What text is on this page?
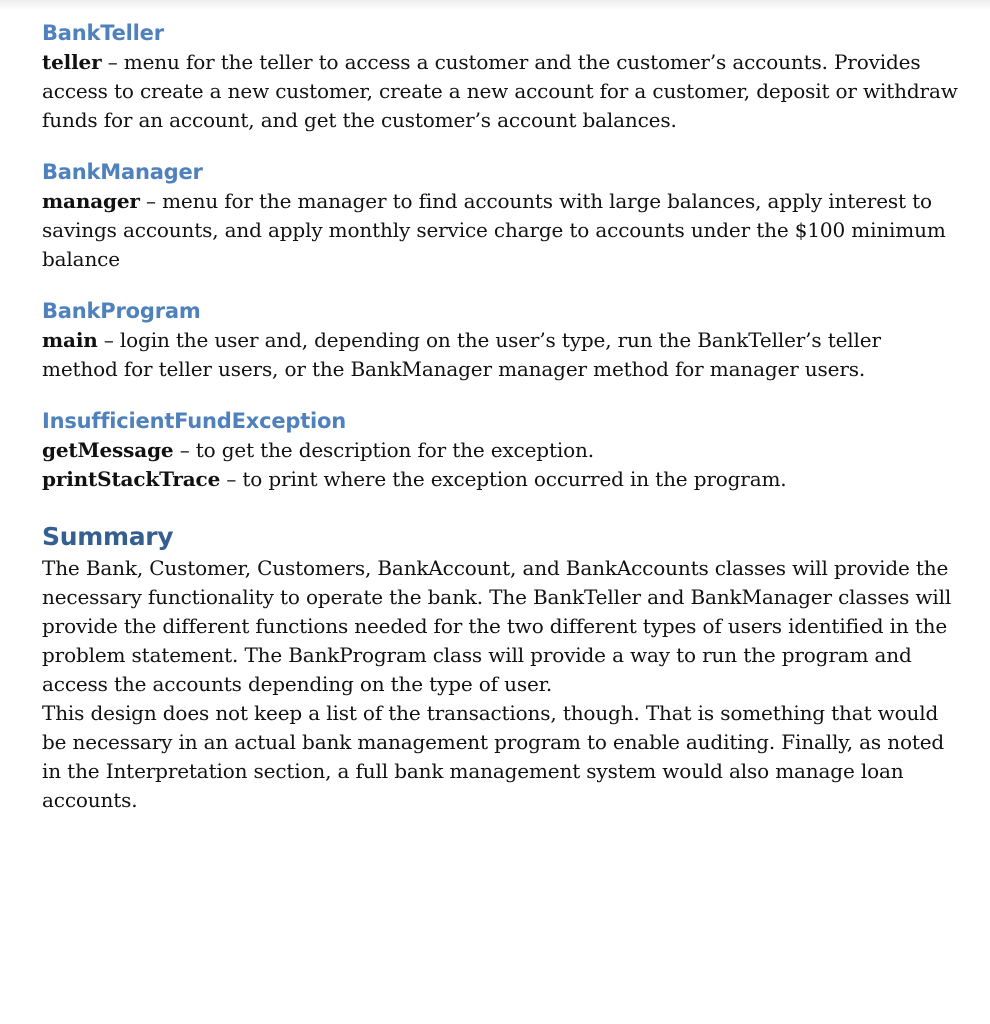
BankTeller

teller – menu for the teller to access a customer and the customer’s accounts. Provides access to create a new customer, create a new account for a customer, deposit or withdraw funds for an account, and get the customer’s account balances.

BankManager

manager – menu for the manager to find accounts with large balances, apply interest to savings accounts, and apply monthly service charge to accounts under the $100 minimum balance

BankProgram

main – login the user and, depending on the user’s type, run the BankTeller’s teller method for teller users, or the BankManager manager method for manager users.

InsufficientFundException

getMessage – to get the description for the exception.

printStackTrace – to print where the exception occurred in the program.

Summary

The Bank, Customer, Customers, BankAccount, and BankAccounts classes will provide the necessary functionality to operate the bank. The BankTeller and BankManager classes will provide the different functions needed for the two different types of users identified in the problem statement. The BankProgram class will provide a way to run the program and access the accounts depending on the type of user.

This design does not keep a list of the transactions, though. That is something that would be necessary in an actual bank management program to enable auditing. Finally, as noted in the Interpretation section, a full bank management system would also manage loan accounts.
